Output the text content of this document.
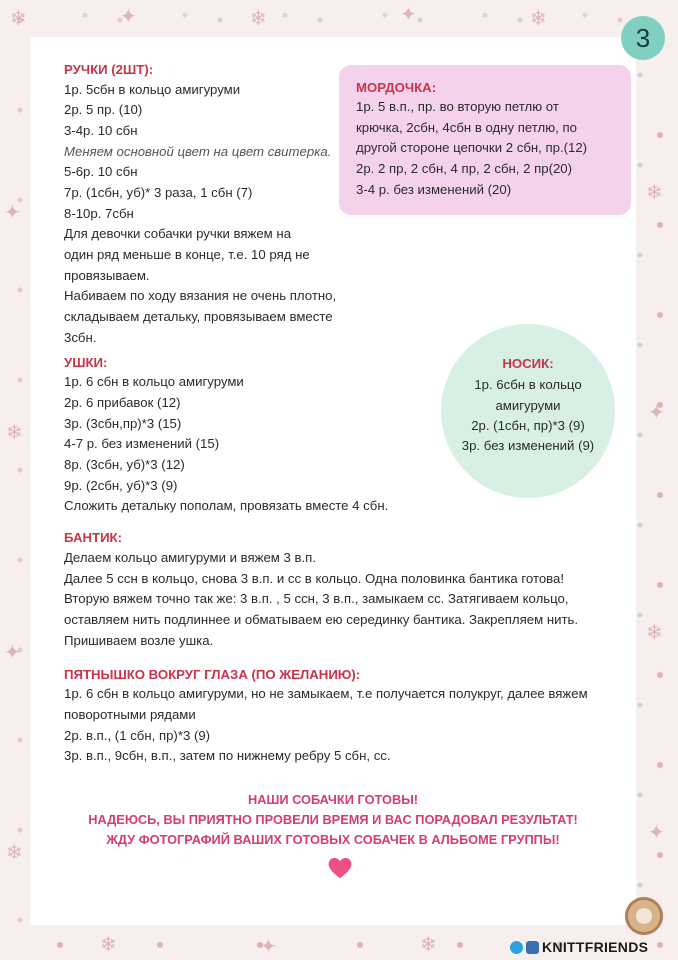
❄	✦	❄	✦	❄
✦
❄
✦
❄
❄
✦
❄
✦
❄	✦	❄
3
РУЧКИ (2ШТ):
1р. 5сбн в кольцо амигуруми
2р. 5 пр. (10)
3-4р. 10 сбн
Меняем основной цвет на цвет свитерка.
5-6р. 10 сбн
7р. (1сбн, уб)* 3 раза, 1 сбн (7)
8-10р. 7сбн
Для девочки собачки ручки вяжем на
один ряд меньше в конце, т.е. 10 ряд не
провязываем.
Набиваем по ходу вязания не очень плотно,
складываем детальку, провязываем вместе
3сбн.
МОРДОЧКА:
1р. 5 в.п., пр. во вторую петлю от
крючка, 2сбн, 4сбн в одну петлю, по
другой стороне цепочки 2 сбн, пр.(12)
2р. 2 пр, 2 сбн, 4 пр, 2 сбн, 2 пр(20)
3-4 р. без изменений (20)
УШКИ:
1р. 6 сбн в кольцо амигуруми
2р. 6 прибавок (12)
3р. (3сбн,пр)*3 (15)
4-7 р. без изменений (15)
8р. (3сбн, уб)*3 (12)
9р. (2сбн, уб)*3 (9)
Сложить детальку пополам, провязать вместе 4 сбн.
НОСИК:
1р. 6сбн в кольцо
амигуруми
2р. (1сбн, пр)*3 (9)
3р. без изменений (9)
БАНТИК:
Делаем кольцо амигуруми и вяжем 3 в.п.
Далее 5 ссн в кольцо, снова 3 в.п. и сс в кольцо. Одна половинка бантика готова!
Вторую вяжем точно так же: 3 в.п. , 5 ссн, 3 в.п., замыкаем сс. Затягиваем кольцо,
оставляем нить подлиннее и обматываем ею серединку бантика. Закрепляем нить.
Пришиваем возле ушка.
ПЯТНЫШКО ВОКРУГ ГЛАЗА (ПО ЖЕЛАНИЮ):
1р. 6 сбн в кольцо амигуруми, но не замыкаем, т.е получается полукруг, далее вяжем
поворотными рядами
2р. в.п., (1 сбн, пр)*3 (9)
3р. в.п., 9сбн, в.п., затем по нижнему ребру 5 сбн, сс.
НАШИ СОБАЧКИ ГОТОВЫ!
НАДЕЮСЬ, ВЫ ПРИЯТНО ПРОВЕЛИ ВРЕМЯ И ВАС ПОРАДОВАЛ РЕЗУЛЬТАТ!
ЖДУ ФОТОГРАФИЙ ВАШИХ ГОТОВЫХ СОБАЧЕК В АЛЬБОМЕ ГРУППЫ!
KNITTFRIENDS
